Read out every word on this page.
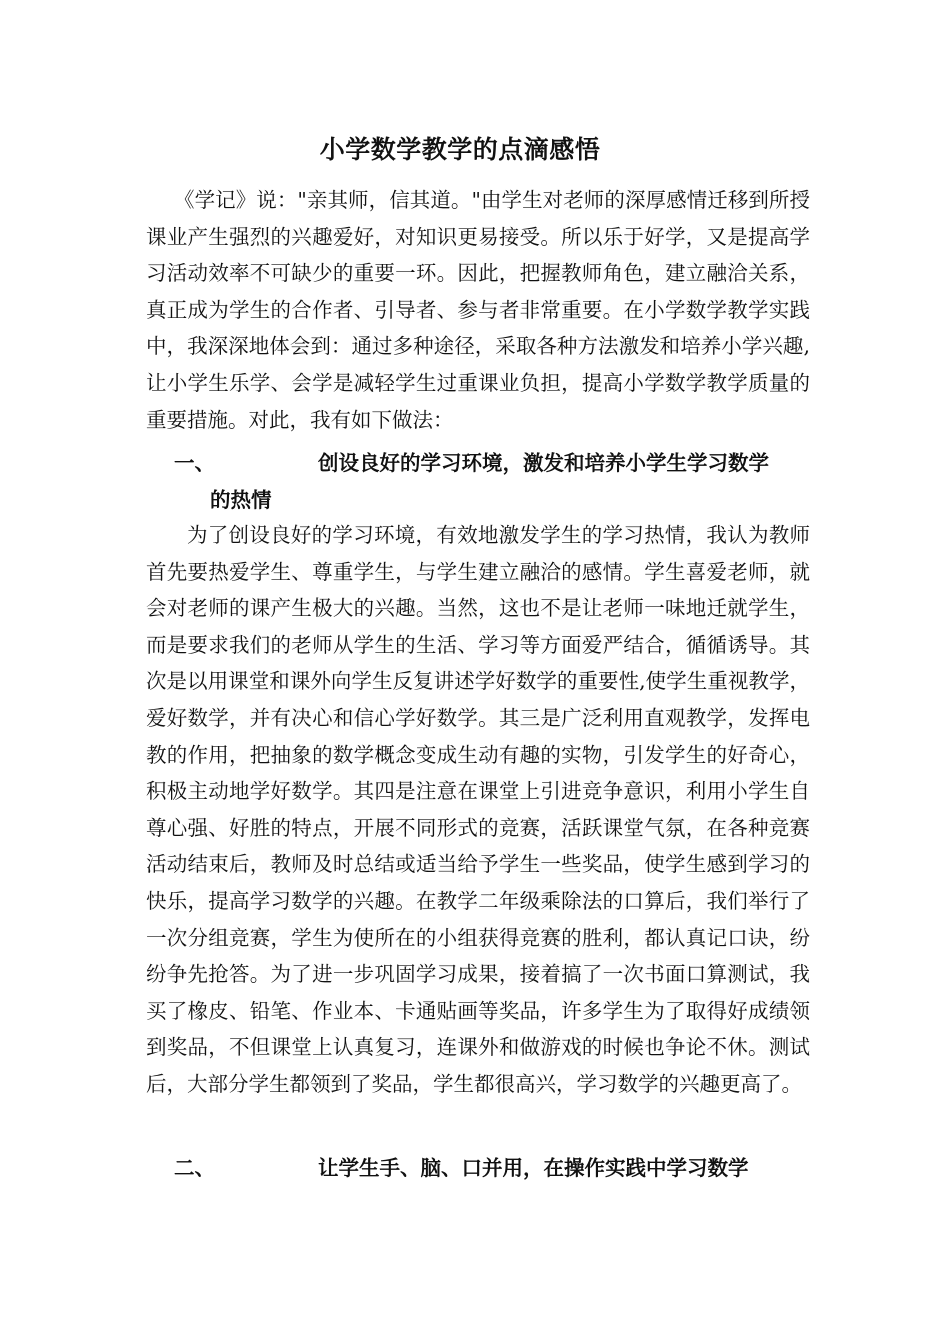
小学数学教学的点滴感悟

《学记》说："亲其师，信其道。"由学生对老师的深厚感情迁移到所授课业产生强烈的兴趣爱好，对知识更易接受。所以乐于好学，又是提高学习活动效率不可缺少的重要一环。因此，把握教师角色，建立融洽关系，真正成为学生的合作者、引导者、参与者非常重要。在小学数学教学实践中，我深深地体会到：通过多种途径，采取各种方法激发和培养小学兴趣,让小学生乐学、会学是减轻学生过重课业负担，提高小学数学教学质量的重要措施。对此，我有如下做法：

一、	创设良好的学习环境，激发和培养小学生学习数学
的热情

为了创设良好的学习环境，有效地激发学生的学习热情，我认为教师首先要热爱学生、尊重学生，与学生建立融洽的感情。学生喜爱老师，就会对老师的课产生极大的兴趣。当然，这也不是让老师一味地迁就学生，而是要求我们的老师从学生的生活、学习等方面爱严结合，循循诱导。其次是以用课堂和课外向学生反复讲述学好数学的重要性,使学生重视教学，爱好数学，并有决心和信心学好数学。其三是广泛利用直观教学，发挥电教的作用，把抽象的数学概念变成生动有趣的实物，引发学生的好奇心，积极主动地学好数学。其四是注意在课堂上引进竞争意识，利用小学生自尊心强、好胜的特点，开展不同形式的竞赛，活跃课堂气氛，在各种竞赛活动结束后，教师及时总结或适当给予学生一些奖品，使学生感到学习的快乐，提高学习数学的兴趣。在教学二年级乘除法的口算后，我们举行了一次分组竞赛，学生为使所在的小组获得竞赛的胜利，都认真记口诀，纷纷争先抢答。为了进一步巩固学习成果，接着搞了一次书面口算测试，我买了橡皮、铅笔、作业本、卡通贴画等奖品，许多学生为了取得好成绩领到奖品，不但课堂上认真复习，连课外和做游戏的时候也争论不休。测试后，大部分学生都领到了奖品，学生都很高兴，学习数学的兴趣更高了。

二、	让学生手、脑、口并用，在操作实践中学习数学
